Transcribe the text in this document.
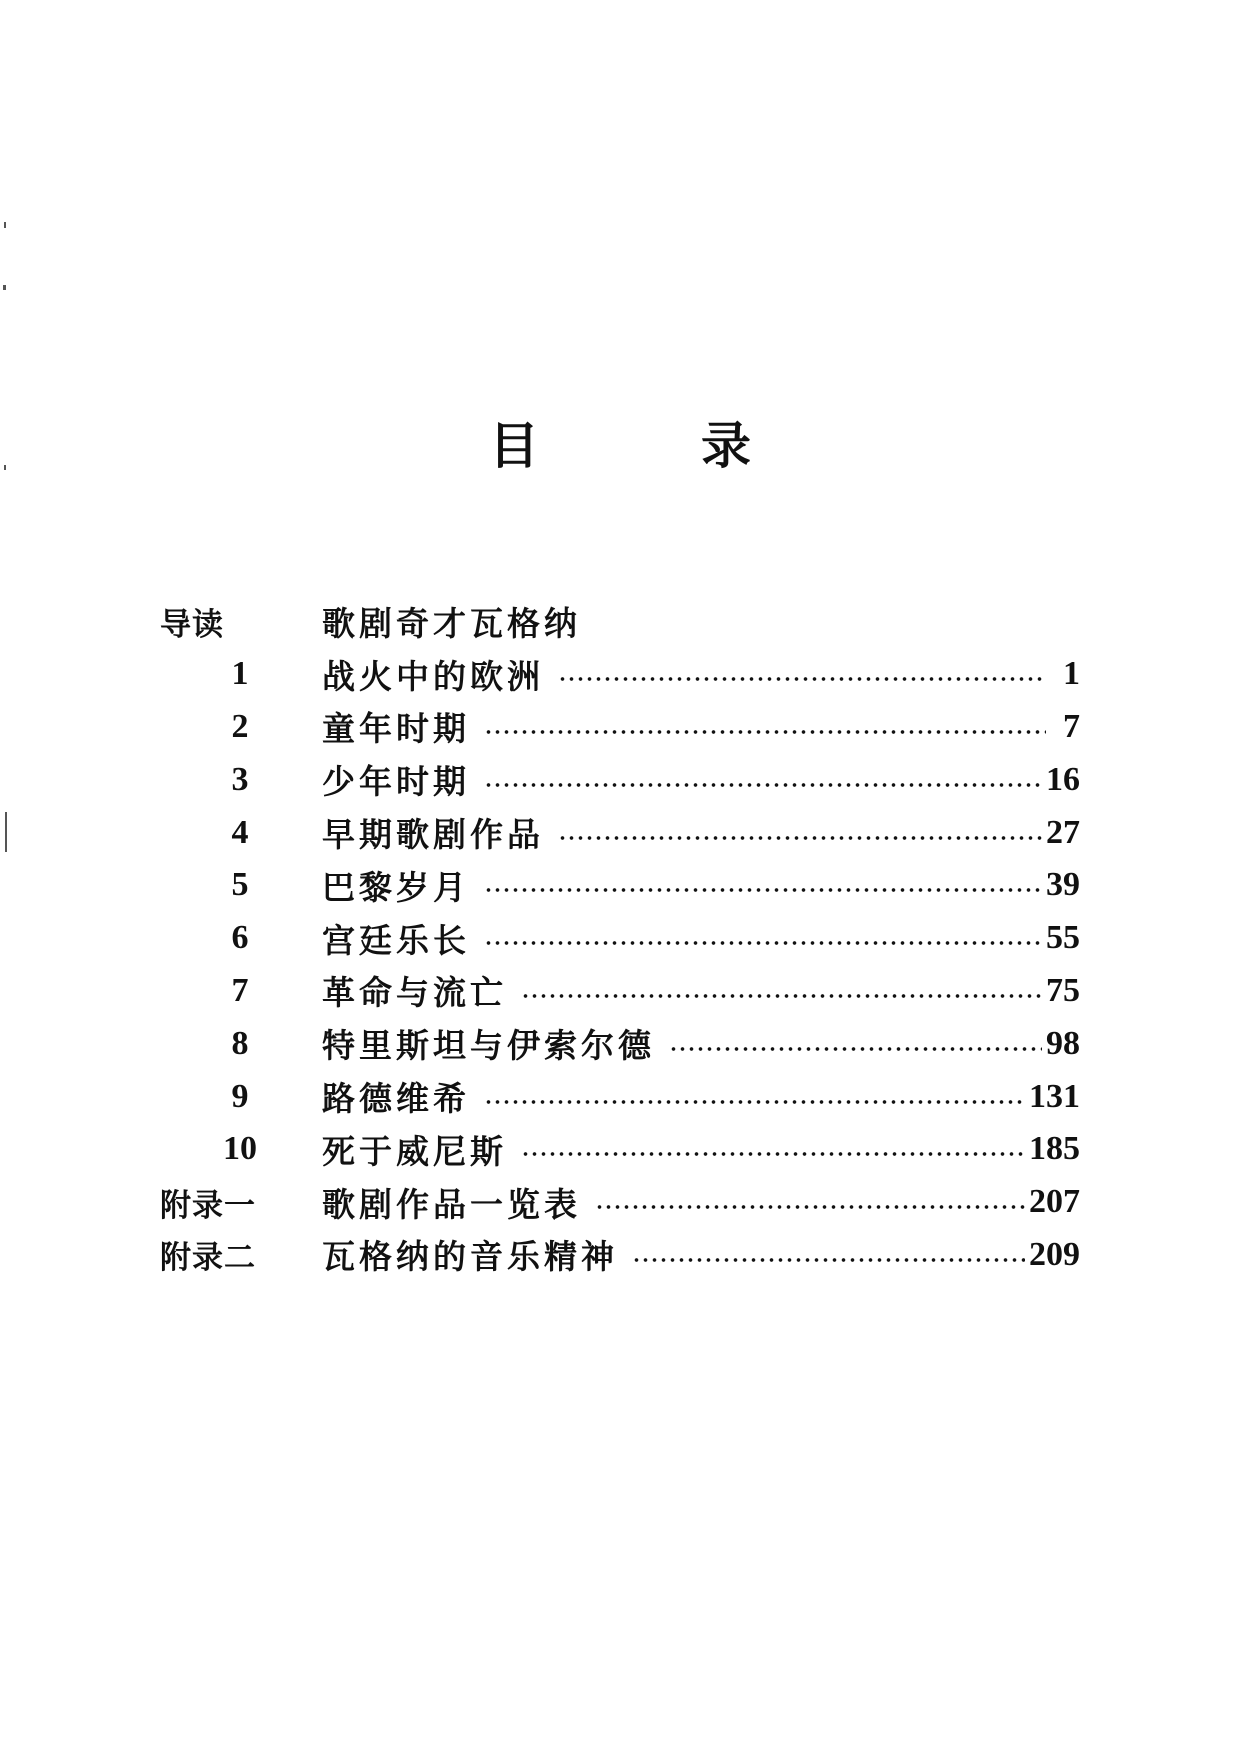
目　录
导读	歌剧奇才瓦格纳
1	战火中的欧洲	1
2	童年时期	7
3	少年时期	16
4	早期歌剧作品	27
5	巴黎岁月	39
6	宫廷乐长	55
7	革命与流亡	75
8	特里斯坦与伊索尔德	98
9	路德维希	131
10	死于威尼斯	185
附录一	歌剧作品一览表	207
附录二	瓦格纳的音乐精神	209
